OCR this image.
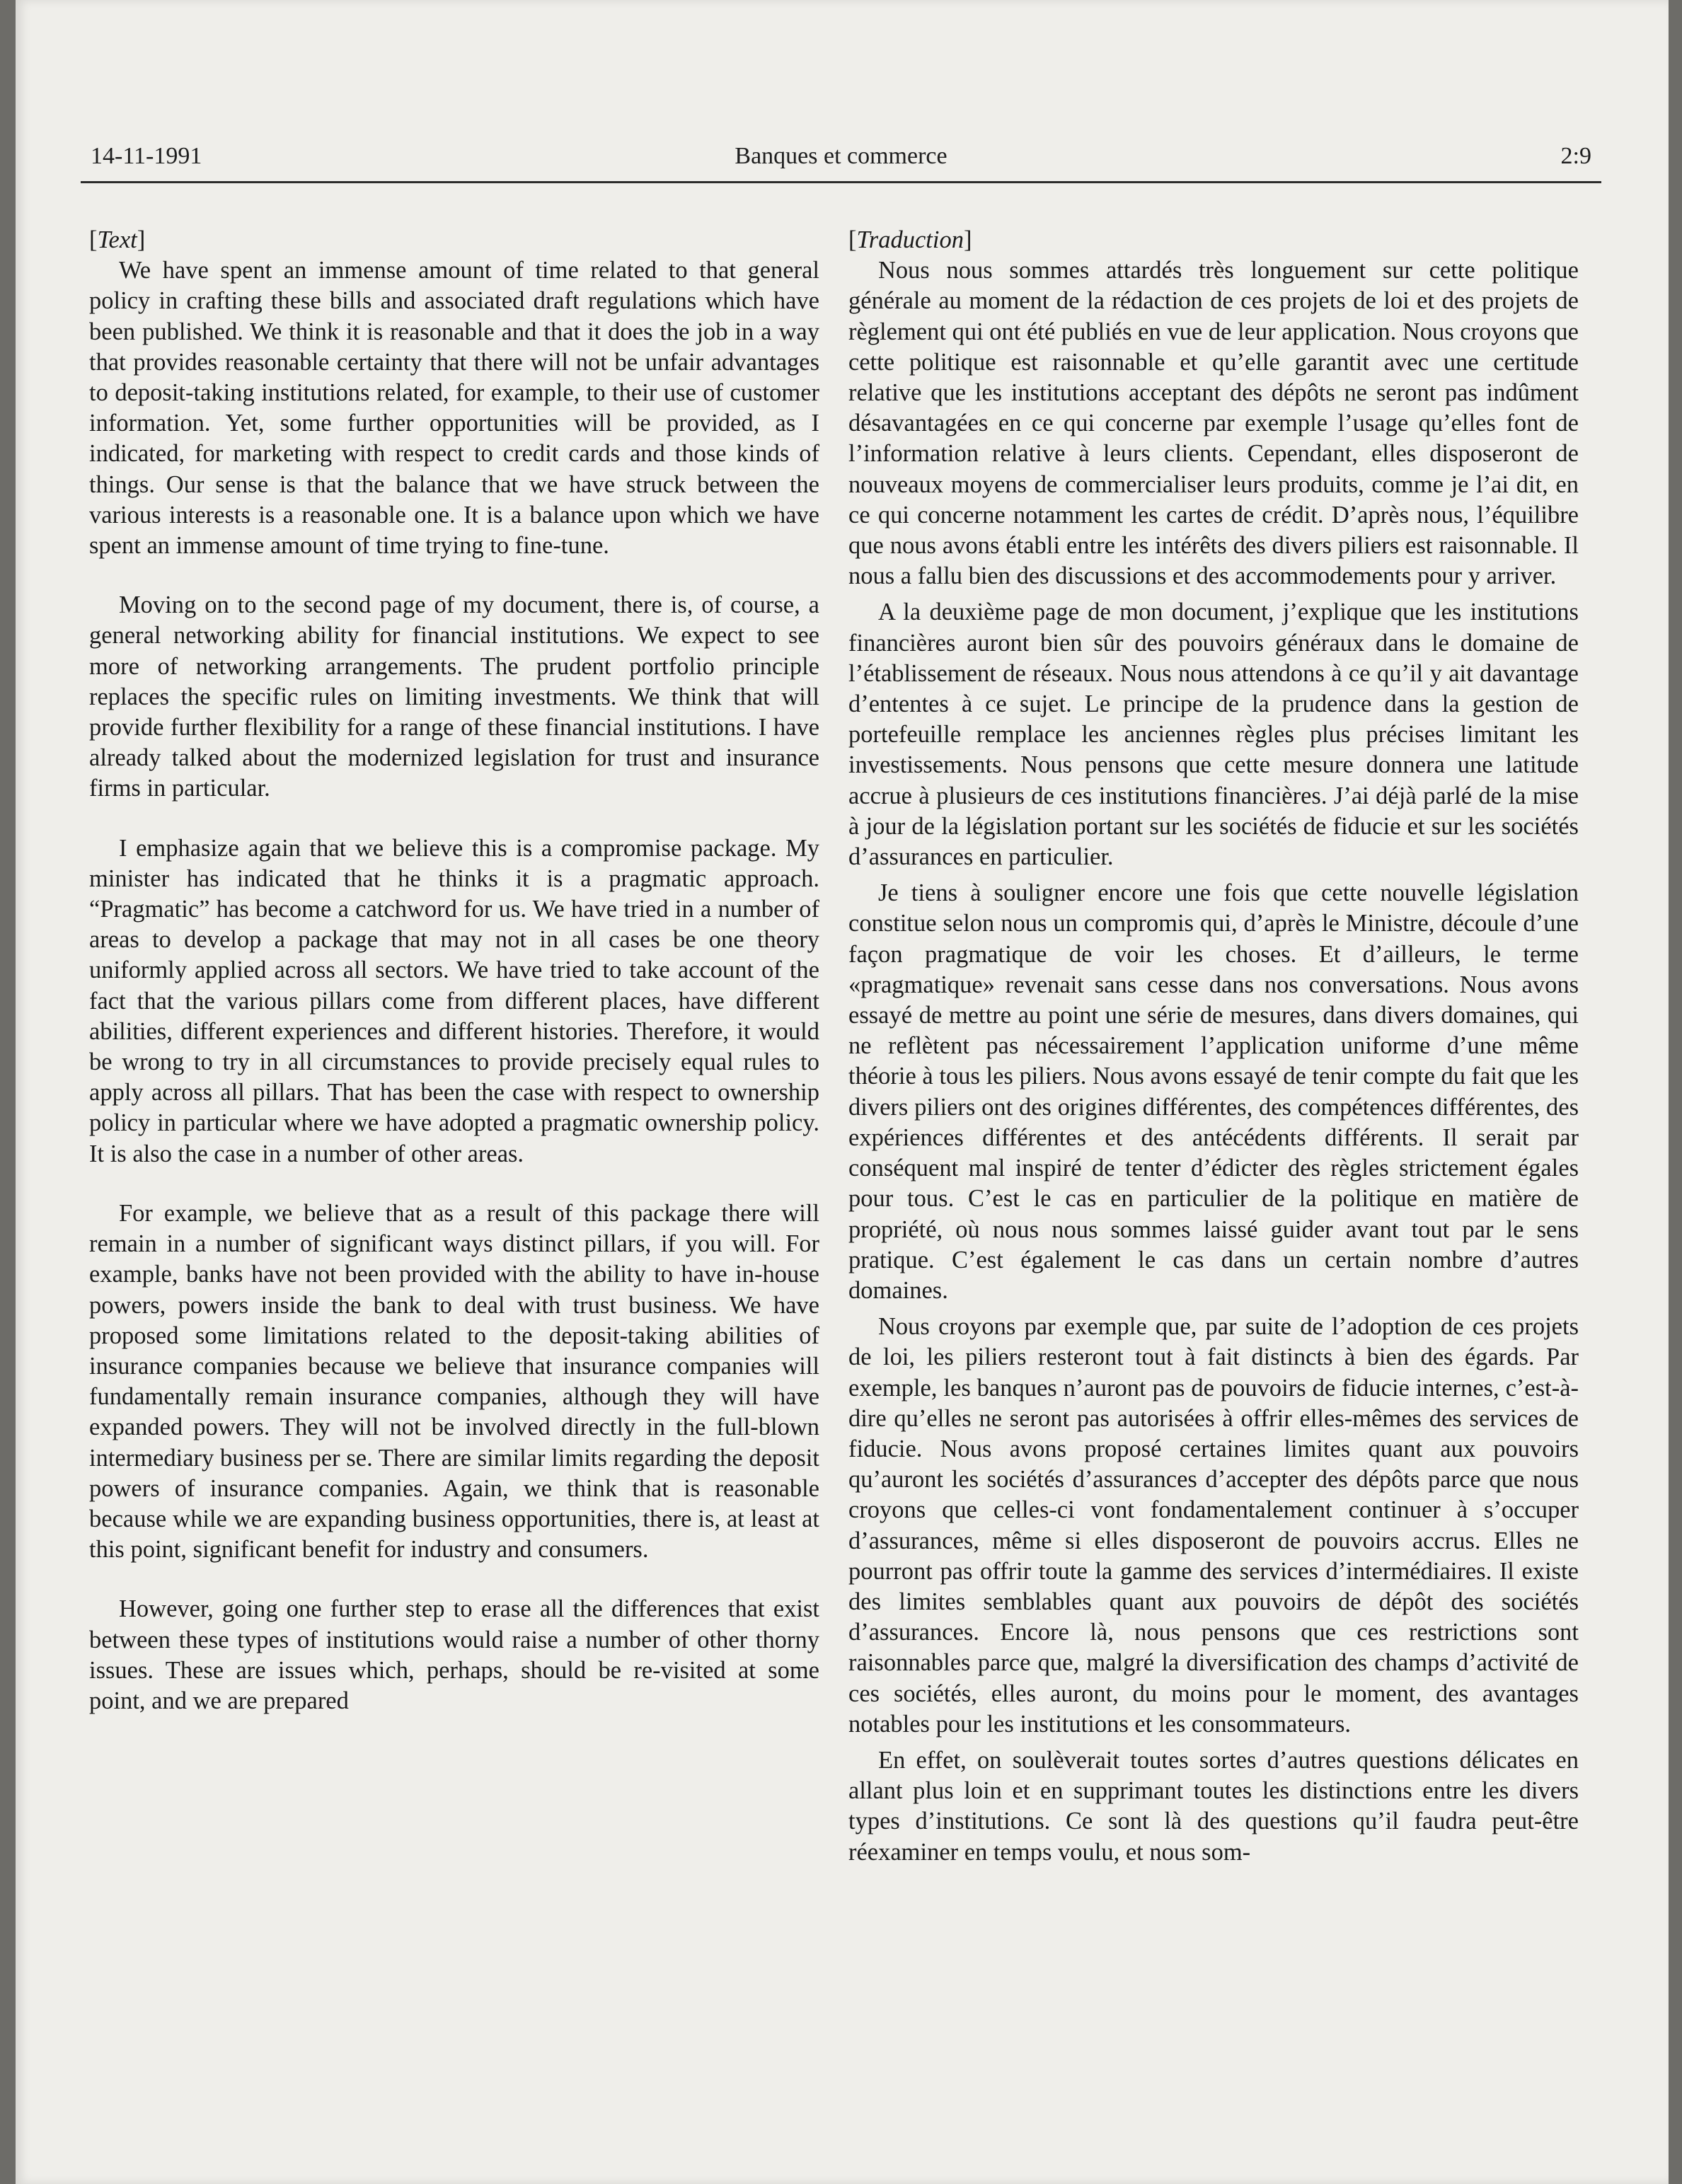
14-11-1991	Banques et commerce	2:9

[Text]

We have spent an immense amount of time related to that general policy in crafting these bills and associated draft regulations which have been published. We think it is reasonable and that it does the job in a way that provides reasonable certainty that there will not be unfair advantages to deposit-taking institutions related, for example, to their use of customer information. Yet, some further opportunities will be provided, as I indicated, for marketing with respect to credit cards and those kinds of things. Our sense is that the balance that we have struck between the various interests is a reasonable one. It is a balance upon which we have spent an immense amount of time trying to fine-tune.

Moving on to the second page of my document, there is, of course, a general networking ability for financial institutions. We expect to see more of networking arrangements. The prudent portfolio principle replaces the specific rules on limiting investments. We think that will provide further flexibility for a range of these financial institutions. I have already talked about the modernized legislation for trust and insurance firms in particular.

I emphasize again that we believe this is a compromise package. My minister has indicated that he thinks it is a pragmatic approach. “Pragmatic” has become a catchword for us. We have tried in a number of areas to develop a package that may not in all cases be one theory uniformly applied across all sectors. We have tried to take account of the fact that the various pillars come from different places, have different abilities, different experiences and different histories. Therefore, it would be wrong to try in all circumstances to provide precisely equal rules to apply across all pillars. That has been the case with respect to ownership policy in particular where we have adopted a pragmatic ownership policy. It is also the case in a number of other areas.

For example, we believe that as a result of this package there will remain in a number of significant ways distinct pillars, if you will. For example, banks have not been provided with the ability to have in-house powers, powers inside the bank to deal with trust business. We have proposed some limitations related to the deposit-taking abilities of insurance companies because we believe that insurance companies will fundamentally remain insurance companies, although they will have expanded powers. They will not be involved directly in the full-blown intermediary business per se. There are similar limits regarding the deposit powers of insurance companies. Again, we think that is reasonable because while we are expanding business opportunities, there is, at least at this point, significant benefit for industry and consumers.

However, going one further step to erase all the differences that exist between these types of institutions would raise a number of other thorny issues. These are issues which, perhaps, should be re-visited at some point, and we are prepared

[Traduction]

Nous nous sommes attardés très longuement sur cette politique générale au moment de la rédaction de ces projets de loi et des projets de règlement qui ont été publiés en vue de leur application. Nous croyons que cette politique est raisonnable et qu’elle garantit avec une certitude relative que les institutions acceptant des dépôts ne seront pas indûment désavantagées en ce qui concerne par exemple l’usage qu’elles font de l’information relative à leurs clients. Cependant, elles disposeront de nouveaux moyens de commercialiser leurs produits, comme je l’ai dit, en ce qui concerne notamment les cartes de crédit. D’après nous, l’équilibre que nous avons établi entre les intérêts des divers piliers est raisonnable. Il nous a fallu bien des discussions et des accommodements pour y arriver.

A la deuxième page de mon document, j’explique que les institutions financières auront bien sûr des pouvoirs généraux dans le domaine de l’établissement de réseaux. Nous nous attendons à ce qu’il y ait davantage d’ententes à ce sujet. Le principe de la prudence dans la gestion de portefeuille remplace les anciennes règles plus précises limitant les investissements. Nous pensons que cette mesure donnera une latitude accrue à plusieurs de ces institutions financières. J’ai déjà parlé de la mise à jour de la législation portant sur les sociétés de fiducie et sur les sociétés d’assurances en particulier.

Je tiens à souligner encore une fois que cette nouvelle législation constitue selon nous un compromis qui, d’après le Ministre, découle d’une façon pragmatique de voir les choses. Et d’ailleurs, le terme «pragmatique» revenait sans cesse dans nos conversations. Nous avons essayé de mettre au point une série de mesures, dans divers domaines, qui ne reflètent pas nécessairement l’application uniforme d’une même théorie à tous les piliers. Nous avons essayé de tenir compte du fait que les divers piliers ont des origines différentes, des compétences différentes, des expériences différentes et des antécédents différents. Il serait par conséquent mal inspiré de tenter d’édicter des règles strictement égales pour tous. C’est le cas en particulier de la politique en matière de propriété, où nous nous sommes laissé guider avant tout par le sens pratique. C’est également le cas dans un certain nombre d’autres domaines.

Nous croyons par exemple que, par suite de l’adoption de ces projets de loi, les piliers resteront tout à fait distincts à bien des égards. Par exemple, les banques n’auront pas de pouvoirs de fiducie internes, c’est-à-dire qu’elles ne seront pas autorisées à offrir elles-mêmes des services de fiducie. Nous avons proposé certaines limites quant aux pouvoirs qu’auront les sociétés d’assurances d’accepter des dépôts parce que nous croyons que celles-ci vont fondamentalement continuer à s’occuper d’assurances, même si elles disposeront de pouvoirs accrus. Elles ne pourront pas offrir toute la gamme des services d’intermédiaires. Il existe des limites semblables quant aux pouvoirs de dépôt des sociétés d’assurances. Encore là, nous pensons que ces restrictions sont raisonnables parce que, malgré la diversification des champs d’activité de ces sociétés, elles auront, du moins pour le moment, des avantages notables pour les institutions et les consommateurs.

En effet, on soulèverait toutes sortes d’autres questions délicates en allant plus loin et en supprimant toutes les distinctions entre les divers types d’institutions. Ce sont là des questions qu’il faudra peut-être réexaminer en temps voulu, et nous som-
